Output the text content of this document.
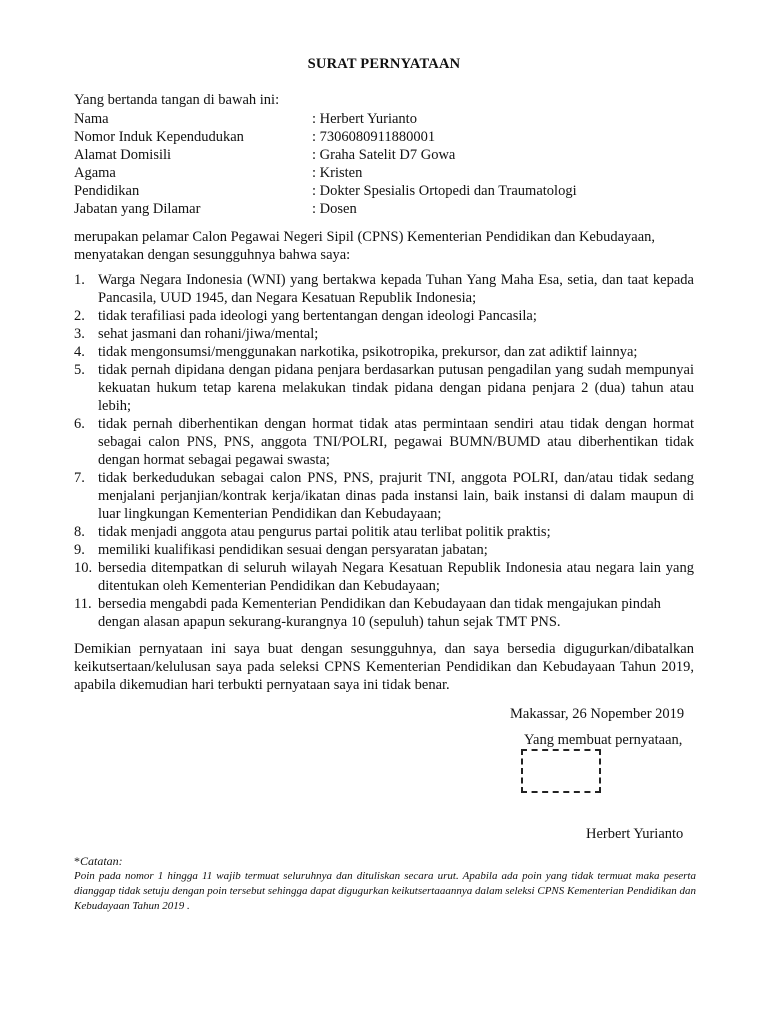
SURAT PERNYATAAN
Yang bertanda tangan di bawah ini:
Nama	: Herbert Yurianto
Nomor Induk Kependudukan	: 7306080911880001
Alamat Domisili	: Graha Satelit D7 Gowa
Agama	: Kristen
Pendidikan	: Dokter Spesialis Ortopedi dan Traumatologi
Jabatan yang Dilamar	: Dosen
merupakan pelamar Calon Pegawai Negeri Sipil (CPNS) Kementerian Pendidikan dan Kebudayaan, menyatakan dengan sesungguhnya bahwa saya:
1. Warga Negara Indonesia (WNI) yang bertakwa kepada Tuhan Yang Maha Esa, setia, dan taat kepada Pancasila, UUD 1945, dan Negara Kesatuan Republik Indonesia;
2. tidak terafiliasi pada ideologi yang bertentangan dengan ideologi Pancasila;
3. sehat jasmani dan rohani/jiwa/mental;
4. tidak mengonsumsi/menggunakan narkotika, psikotropika, prekursor, dan zat adiktif lainnya;
5. tidak pernah dipidana dengan pidana penjara berdasarkan putusan pengadilan yang sudah mempunyai kekuatan hukum tetap karena melakukan tindak pidana dengan pidana penjara 2 (dua) tahun atau lebih;
6. tidak pernah diberhentikan dengan hormat tidak atas permintaan sendiri atau tidak dengan hormat sebagai calon PNS, PNS, anggota TNI/POLRI, pegawai BUMN/BUMD atau diberhentikan tidak dengan hormat sebagai pegawai swasta;
7. tidak berkedudukan sebagai calon PNS, PNS, prajurit TNI, anggota POLRI, dan/atau tidak sedang menjalani perjanjian/kontrak kerja/ikatan dinas pada instansi lain, baik instansi di dalam maupun di luar lingkungan Kementerian Pendidikan dan Kebudayaan;
8. tidak menjadi anggota atau pengurus partai politik atau terlibat politik praktis;
9. memiliki kualifikasi pendidikan sesuai dengan persyaratan jabatan;
10. bersedia ditempatkan di seluruh wilayah Negara Kesatuan Republik Indonesia atau negara lain yang ditentukan oleh Kementerian Pendidikan dan Kebudayaan;
11. bersedia mengabdi pada Kementerian Pendidikan dan Kebudayaan dan tidak mengajukan pindah dengan alasan apapun sekurang-kurangnya 10 (sepuluh) tahun sejak TMT PNS.
Demikian pernyataan ini saya buat dengan sesungguhnya, dan saya bersedia digugurkan/dibatalkan keikutsertaan/kelulusan saya pada seleksi CPNS Kementerian Pendidikan dan Kebudayaan Tahun 2019, apabila dikemudian hari terbukti pernyataan saya ini tidak benar.
Makassar, 26 Nopember 2019
Yang membuat pernyataan,
Herbert Yurianto
*Catatan:
Poin pada nomor 1 hingga 11 wajib termuat seluruhnya dan dituliskan secara urut. Apabila ada poin yang tidak termuat maka peserta dianggap tidak setuju dengan poin tersebut sehingga dapat digugurkan keikutsertaaannya dalam seleksi CPNS Kementerian Pendidikan dan Kebudayaan Tahun 2019 .
